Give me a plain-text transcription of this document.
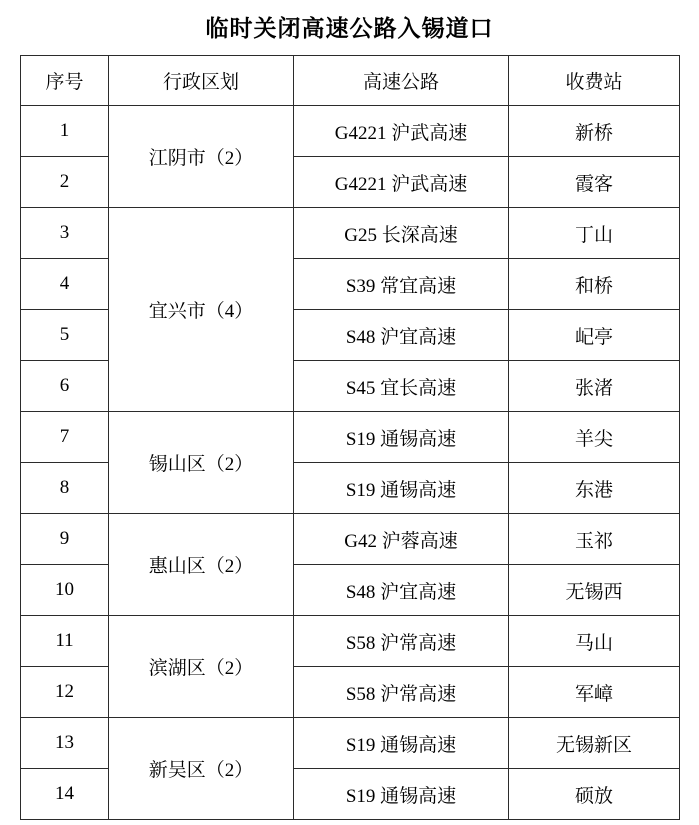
临时关闭高速公路入锡道口
序号	行政区划	高速公路	收费站
1	江阴市（2）	G4221 沪武高速	新桥
2		G4221 沪武高速	霞客
3	宜兴市（4）	G25 长深高速	丁山
4		S39 常宜高速	和桥
5		S48 沪宜高速	屺亭
6		S45 宜长高速	张渚
7	锡山区（2）	S19 通锡高速	羊尖
8		S19 通锡高速	东港
9	惠山区（2）	G42 沪蓉高速	玉祁
10		S48 沪宜高速	无锡西
11	滨湖区（2）	S58 沪常高速	马山
12		S58 沪常高速	军嶂
13	新吴区（2）	S19 通锡高速	无锡新区
14		S19 通锡高速	硕放
